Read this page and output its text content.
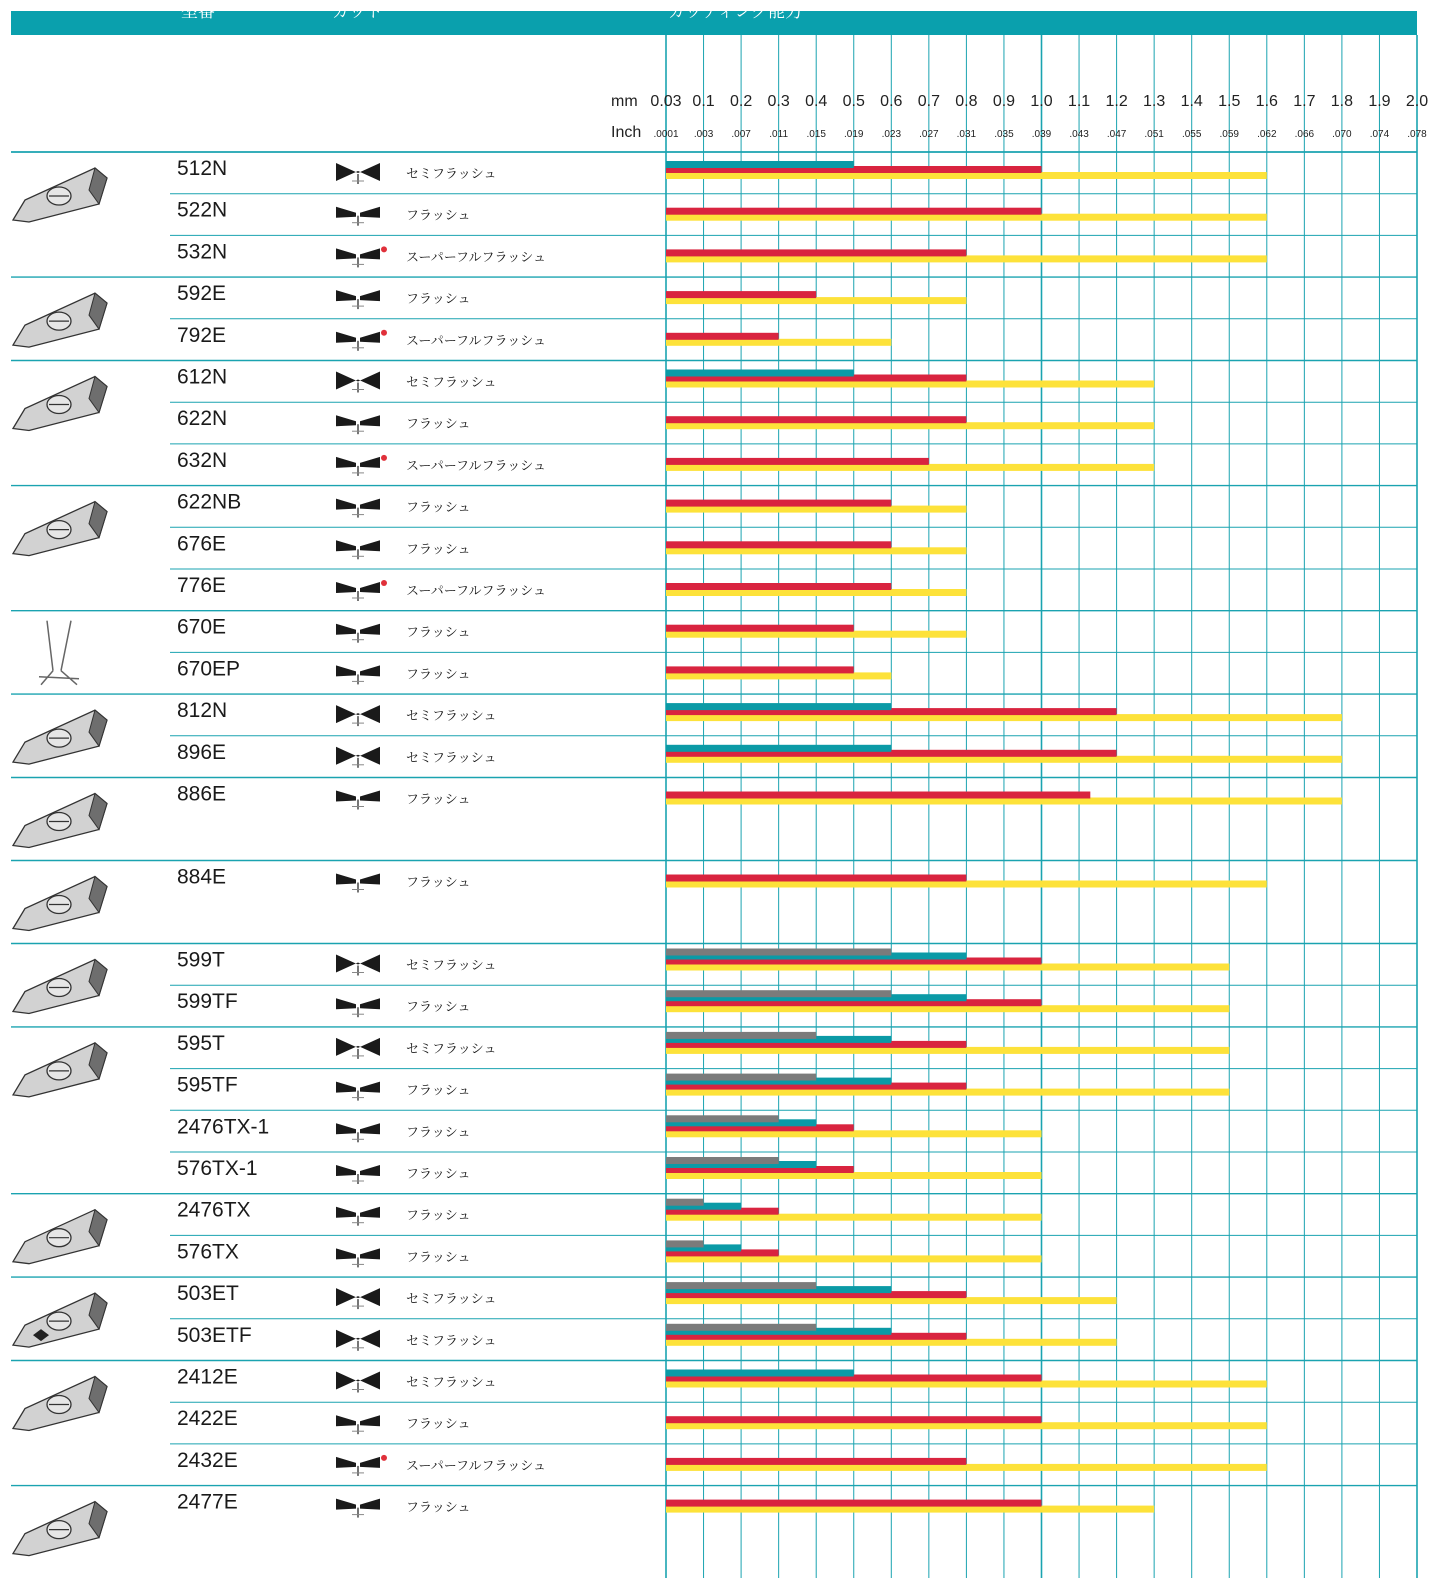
型番	カット	カッティング能力
mm
Inch
0.03 0.1 0.2 0.3 0.4 0.5 0.6 0.7 0.8 0.9 1.0 1.1 1.2 1.3 1.4 1.5 1.6 1.7 1.8 1.9 2.0
.0001 .003 .007 .011 .015 .019 .023 .027 .031 .035 .039 .043 .047 .051 .055 .059 .062 .066 .070 .074 .078
512N	セミフラッシュ
522N	フラッシュ
532N	スーパーフルフラッシュ
592E	フラッシュ
792E	スーパーフルフラッシュ
612N	セミフラッシュ
622N	フラッシュ
632N	スーパーフルフラッシュ
622NB	フラッシュ
676E	フラッシュ
776E	スーパーフルフラッシュ
670E	フラッシュ
670EP	フラッシュ
812N	セミフラッシュ
896E	セミフラッシュ
886E	フラッシュ
884E	フラッシュ
599T	セミフラッシュ
599TF	フラッシュ
595T	セミフラッシュ
595TF	フラッシュ
2476TX-1	フラッシュ
576TX-1	フラッシュ
2476TX	フラッシュ
576TX	フラッシュ
503ET	セミフラッシュ
503ETF	セミフラッシュ
2412E	セミフラッシュ
2422E	フラッシュ
2432E	スーパーフルフラッシュ
2477E	フラッシュ
